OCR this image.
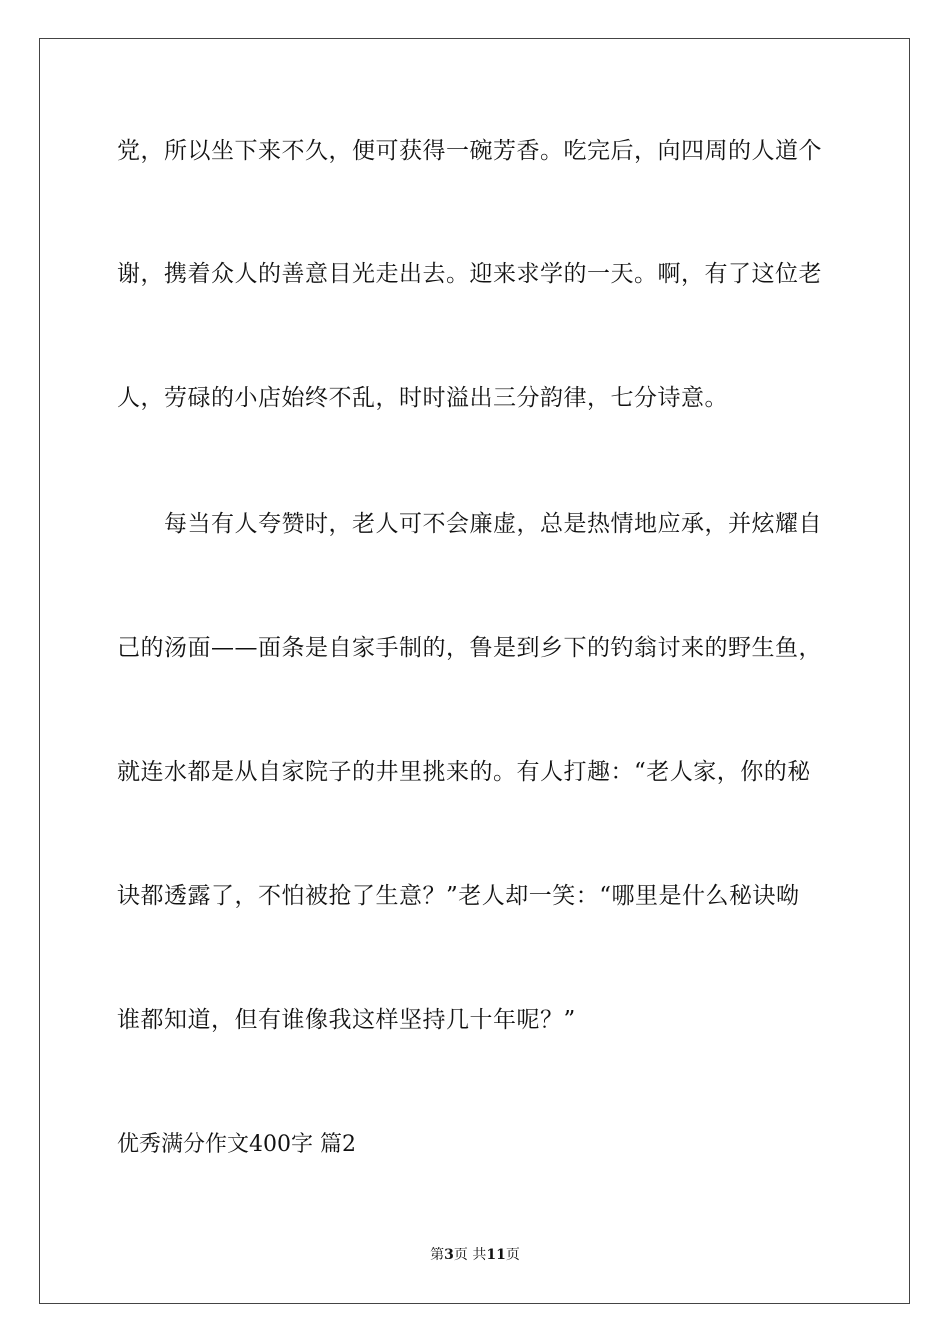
党，所以坐下来不久，便可获得一碗芳香。吃完后，向四周的人道个
谢，携着众人的善意目光走出去。迎来求学的一天。啊，有了这位老
人，劳碌的小店始终不乱，时时溢出三分韵律，七分诗意。
　　每当有人夸赞时，老人可不会廉虚，总是热情地应承，并炫耀自
己的汤面——面条是自家手制的，鲁是到乡下的钓翁讨来的野生鱼，
就连水都是从自家院子的井里挑来的。有人打趣：“老人家，你的秘
诀都透露了，不怕被抢了生意？”老人却一笑：“哪里是什么秘诀呦
谁都知道，但有谁像我这样坚持几十年呢？”
优秀满分作文400字 篇2
第3页 共11页
